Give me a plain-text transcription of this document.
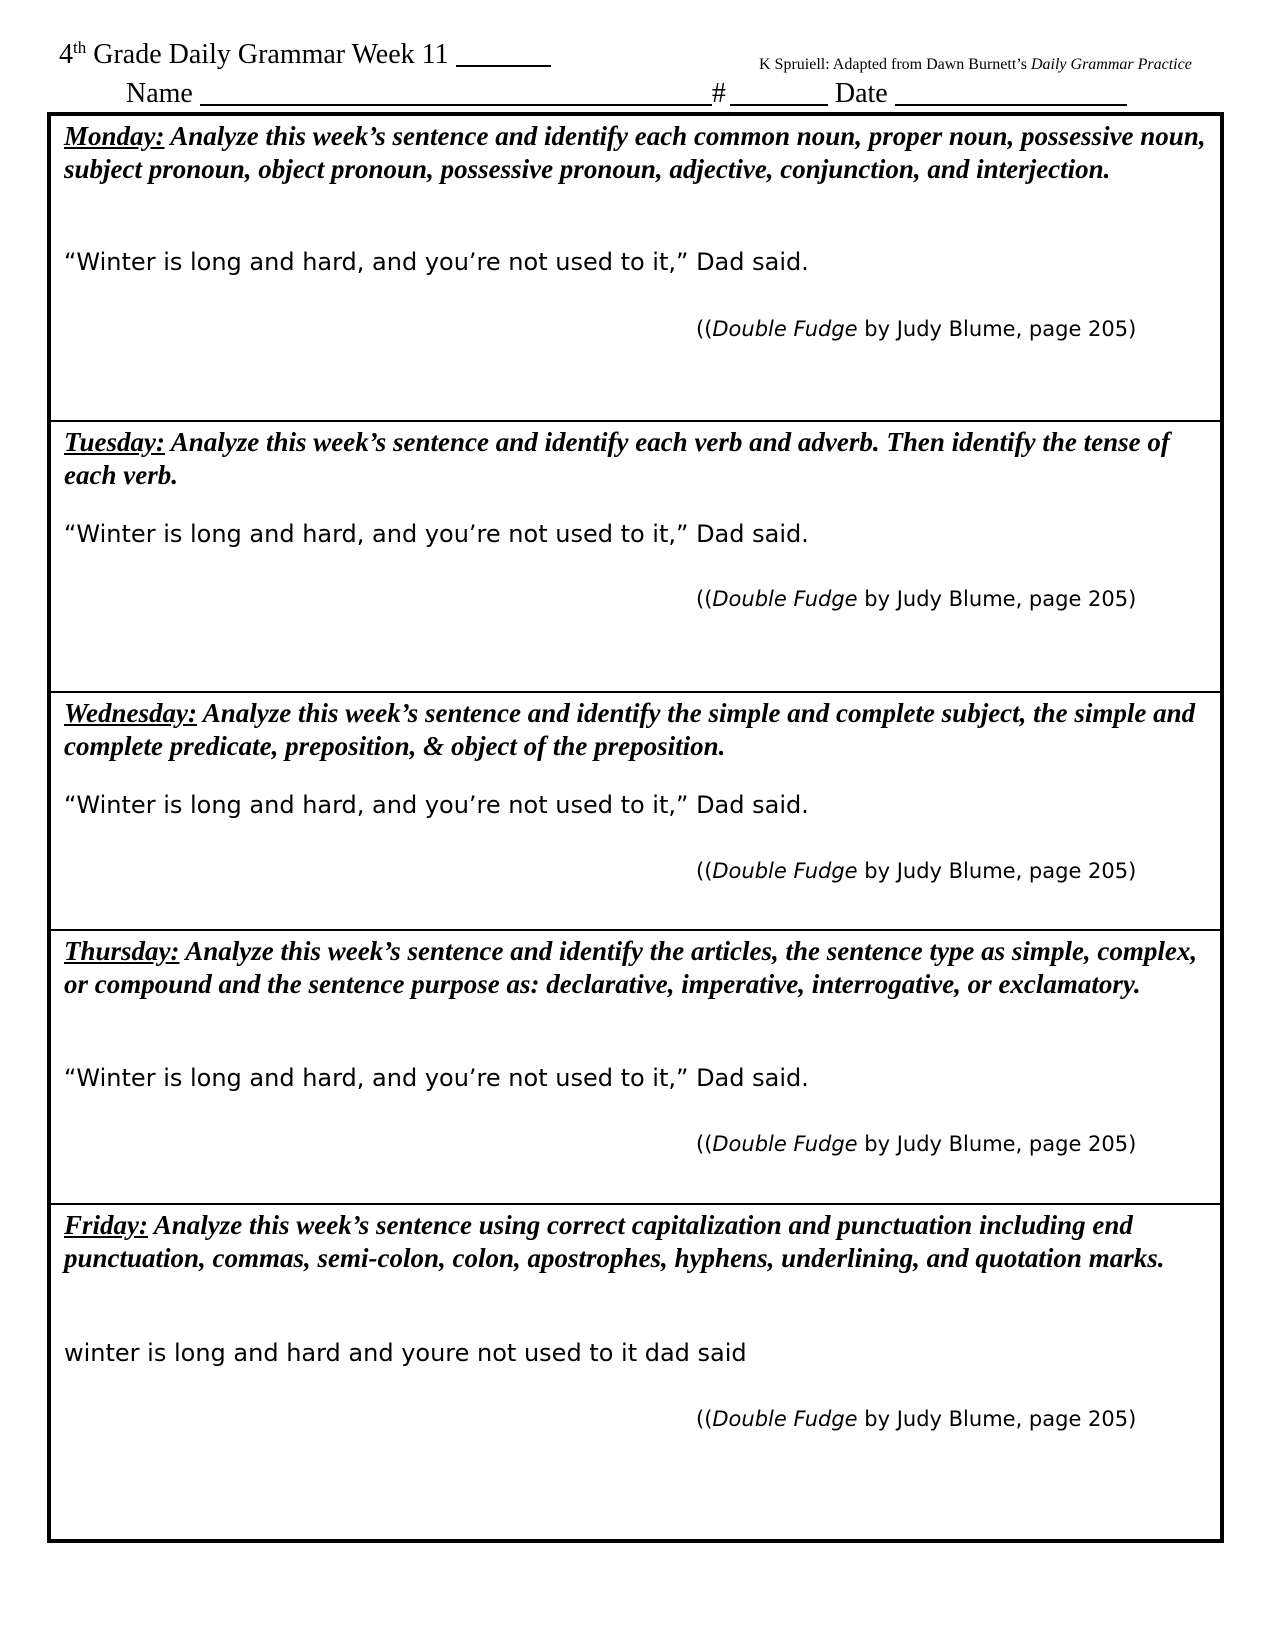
4th Grade Daily Grammar Week 11	K Spruiell: Adapted from Dawn Burnett’s Daily Grammar Practice
Name	#	Date
Monday: Analyze this week’s sentence and identify each common noun, proper noun, possessive noun, subject pronoun, object pronoun, possessive pronoun, adjective, conjunction, and interjection.
“Winter is long and hard, and you’re not used to it,” Dad said.
((Double Fudge by Judy Blume, page 205)
Tuesday: Analyze this week’s sentence and identify each verb and adverb. Then identify the tense of each verb.
“Winter is long and hard, and you’re not used to it,” Dad said.
((Double Fudge by Judy Blume, page 205)
Wednesday: Analyze this week’s sentence and identify the simple and complete subject, the simple and complete predicate, preposition, & object of the preposition.
“Winter is long and hard, and you’re not used to it,” Dad said.
((Double Fudge by Judy Blume, page 205)
Thursday: Analyze this week’s sentence and identify the articles, the sentence type as simple, complex, or compound and the sentence purpose as: declarative, imperative, interrogative, or exclamatory.
“Winter is long and hard, and you’re not used to it,” Dad said.
((Double Fudge by Judy Blume, page 205)
Friday: Analyze this week’s sentence using correct capitalization and punctuation including end punctuation, commas, semi-colon, colon, apostrophes, hyphens, underlining, and quotation marks.
winter is long and hard and youre not used to it dad said
((Double Fudge by Judy Blume, page 205)
